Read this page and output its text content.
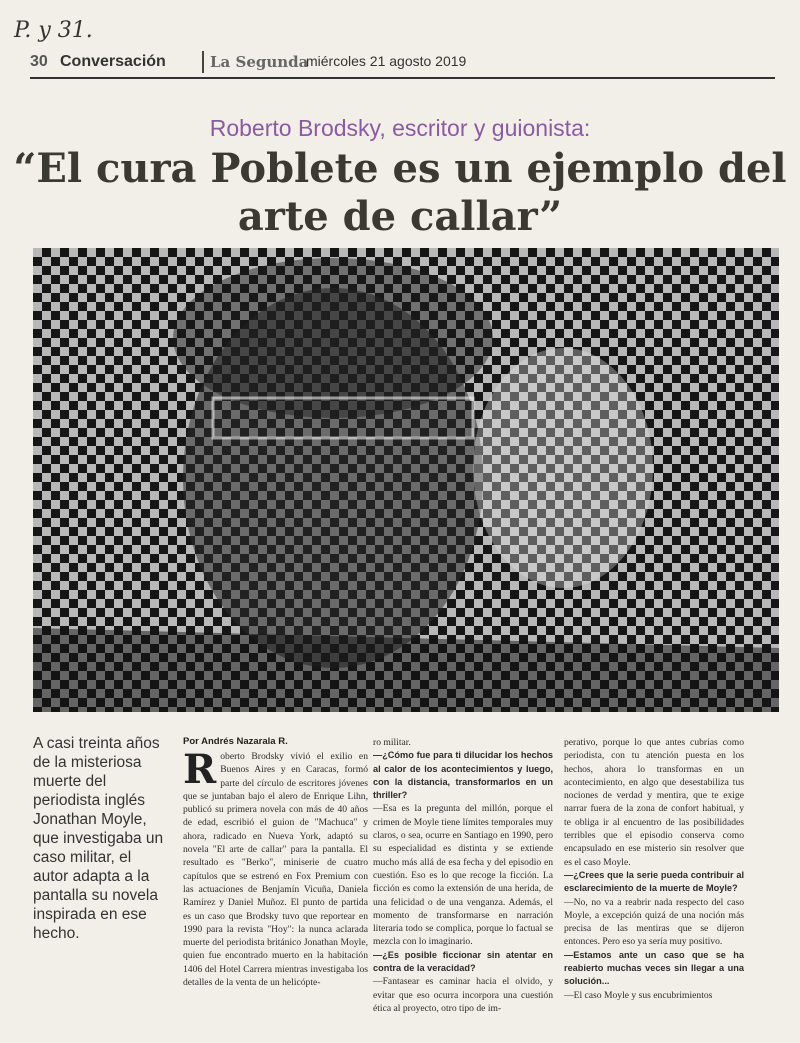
P. y 31.
30 Conversación	La Segunda
miércoles 21 agosto 2019
Roberto Brodsky, escritor y guionista:
“El cura Poblete es un ejemplo del arte de callar”
A casi treinta años de la misteriosa muerte del periodista inglés Jonathan Moyle, que investigaba un caso militar, el autor adapta a la pantalla su novela inspirada en ese hecho.
Por Andrés Nazarala R.
R oberto Brodsky vivió el exilio en Buenos Aires y en Caracas, formó parte del círculo de escritores jóvenes que se juntaban bajo el alero de Enrique Lihn, publicó su primera novela con más de 40 años de edad, escribió el guion de "Machuca" y ahora, radicado en Nueva York, adaptó su novela "El arte de callar" para la pantalla. El resultado es "Berko", miniserie de cuatro capítulos que se estrenó en Fox Premium con las actuaciones de Benjamín Vicuña, Daniela Ramírez y Daniel Muñoz. El punto de partida es un caso que Brodsky tuvo que reportear en 1990 para la revista "Hoy": la nunca aclarada muerte del periodista británico Jonathan Moyle, quien fue encontrado muerto en la habitación 1406 del Hotel Carrera mientras investigaba los detalles de la venta de un helicópte-

ro militar.

—¿Cómo fue para ti dilucidar los hechos al calor de los acontecimientos y luego, con la distancia, transformarlos en un thriller?

—Esa es la pregunta del millón, porque el crimen de Moyle tiene límites temporales muy claros, o sea, ocurre en Santiago en 1990, pero su especialidad es distinta y se extiende mucho más allá de esa fecha y del episodio en cuestión. Eso es lo que recoge la ficción. La ficción es como la extensión de una herida, de una felicidad o de una venganza. Además, el momento de transformarse en narración literaria todo se complica, porque lo factual se mezcla con lo imaginario.

—¿Es posible ficcionar sin atentar en contra de la veracidad?

—Fantasear es caminar hacia el olvido, y evitar que eso ocurra incorpora una cuestión ética al proyecto, otro tipo de im-

perativo, porque lo que antes cubrías como periodista, con tu atención puesta en los hechos, ahora lo transformas en un acontecimiento, en algo que desestabiliza tus nociones de verdad y mentira, que te exige narrar fuera de la zona de confort habitual, y te obliga ir al encuentro de las posibilidades terribles que el episodio conserva como encapsulado en ese misterio sin resolver que es el caso Moyle.

—¿Crees que la serie pueda contribuir al esclarecimiento de la muerte de Moyle?

—No, no va a reabrir nada respecto del caso Moyle, a excepción quizá de una noción más precisa de las mentiras que se dijeron entonces. Pero eso ya sería muy positivo.

—Estamos ante un caso que se ha reabierto muchas veces sin llegar a una solución...

—El caso Moyle y sus encubrimientos
